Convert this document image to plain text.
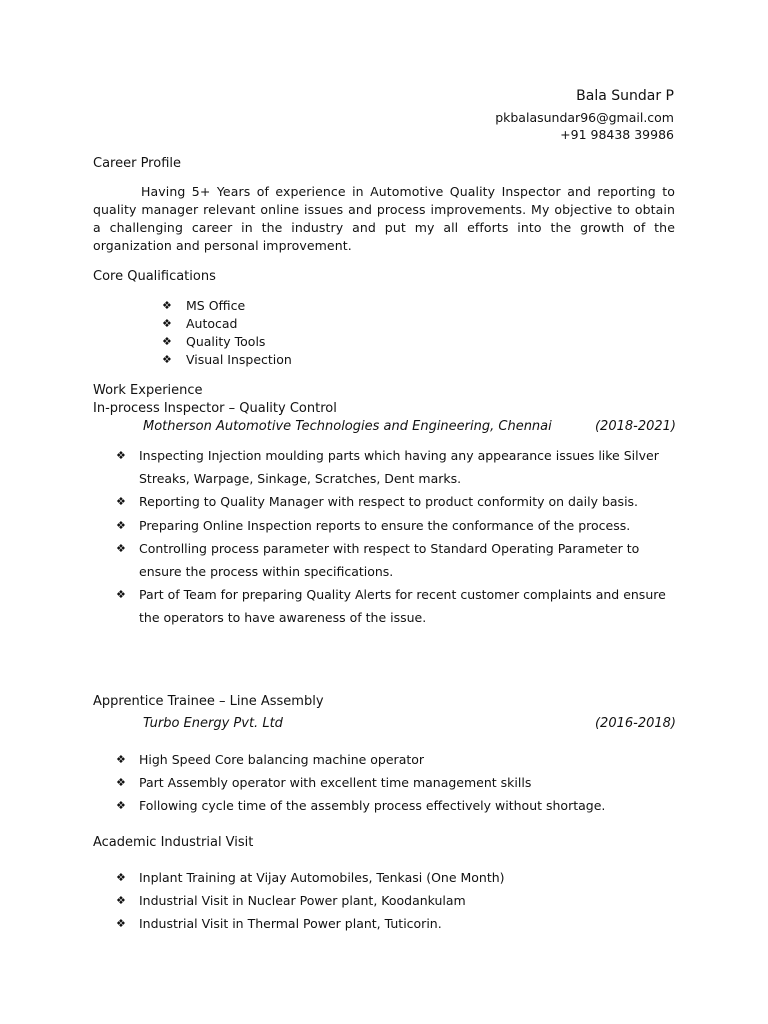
Bala Sundar P
pkbalasundar96@gmail.com
+91 98438 39986
Career Profile

Having 5+ Years of experience in Automotive Quality Inspector and reporting to quality manager relevant online issues and process improvements. My objective to obtain a challenging career in the industry and put my all efforts into the growth of the organization and personal improvement.

Core Qualifications
❖	MS Office
❖	Autocad
❖	Quality Tools
❖	Visual Inspection
Work Experience
In-process Inspector – Quality Control
Motherson Automotive Technologies and Engineering, Chennai	(2018-2021)
❖	Inspecting Injection moulding parts which having any appearance issues like Silver Streaks, Warpage, Sinkage, Scratches, Dent marks.
❖	Reporting to Quality Manager with respect to product conformity on daily basis.
❖	Preparing Online Inspection reports to ensure the conformance of the process.
❖	Controlling process parameter with respect to Standard Operating Parameter to ensure the process within specifications.
❖	Part of Team for preparing Quality Alerts for recent customer complaints and ensure the operators to have awareness of the issue.
Apprentice Trainee – Line Assembly
Turbo Energy Pvt. Ltd	(2016-2018)
❖	High Speed Core balancing machine operator
❖	Part Assembly operator with excellent time management skills
❖	Following cycle time of the assembly process effectively without shortage.
Academic Industrial Visit
❖	Inplant Training at Vijay Automobiles, Tenkasi (One Month)
❖	Industrial Visit in Nuclear Power plant, Koodankulam
❖	Industrial Visit in Thermal Power plant, Tuticorin.
